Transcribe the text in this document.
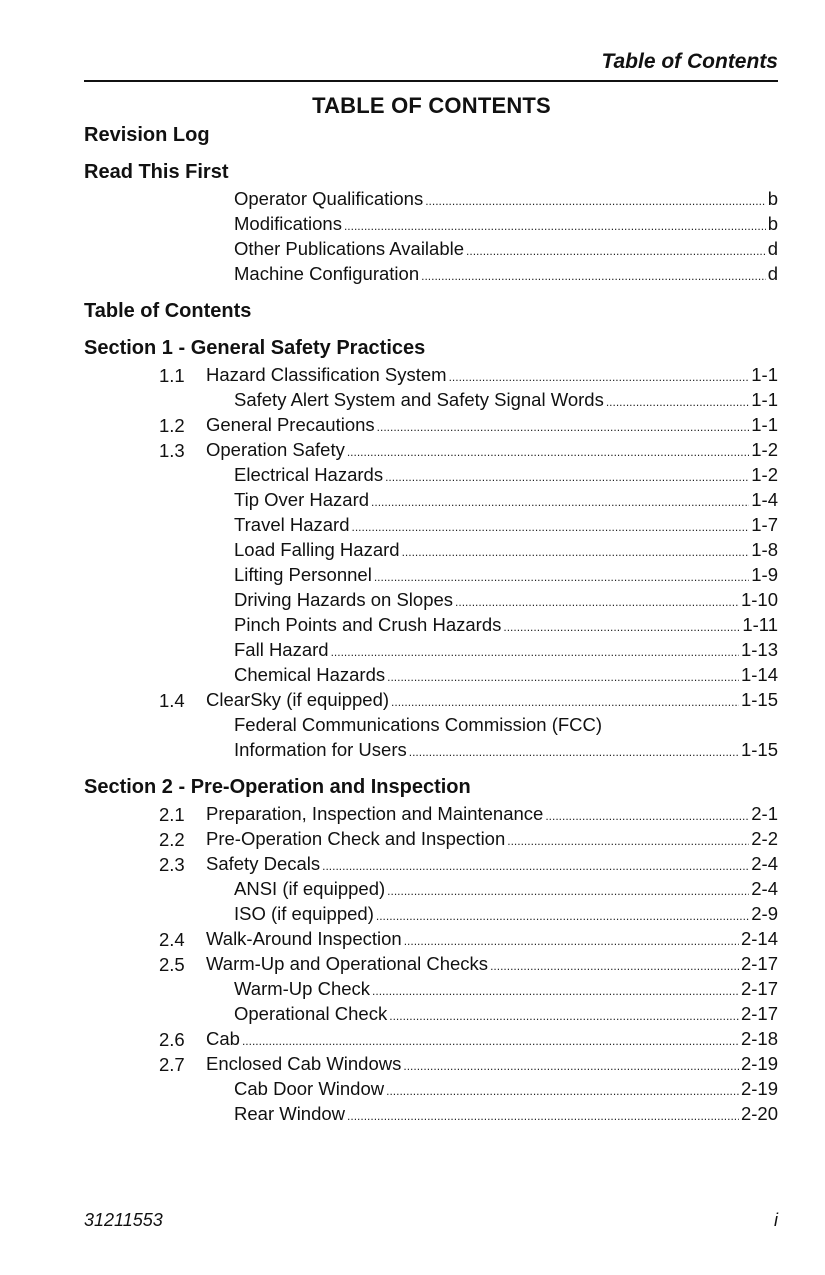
Table of Contents
TABLE OF CONTENTS
Revision Log
Read This First
Operator Qualifications .....	b
Modifications .....	b
Other Publications Available .....	d
Machine Configuration .....	d
Table of Contents
Section 1 - General Safety Practices
1.1 Hazard Classification System .....	1-1
Safety Alert System and Safety Signal Words .....	1-1
1.2 General Precautions .....	1-1
1.3 Operation Safety .....	1-2
Electrical Hazards .....	1-2
Tip Over Hazard .....	1-4
Travel Hazard .....	1-7
Load Falling Hazard .....	1-8
Lifting Personnel .....	1-9
Driving Hazards on Slopes .....	1-10
Pinch Points and Crush Hazards .....	1-11
Fall Hazard .....	1-13
Chemical Hazards .....	1-14
1.4 ClearSky (if equipped) .....	1-15
Federal Communications Commission (FCC)
Information for Users .....	1-15
Section 2 - Pre-Operation and Inspection
2.1 Preparation, Inspection and Maintenance .....	2-1
2.2 Pre-Operation Check and Inspection .....	2-2
2.3 Safety Decals .....	2-4
ANSI (if equipped) .....	2-4
ISO (if equipped) .....	2-9
2.4 Walk-Around Inspection .....	2-14
2.5 Warm-Up and Operational Checks .....	2-17
Warm-Up Check .....	2-17
Operational Check .....	2-17
2.6 Cab .....	2-18
2.7 Enclosed Cab Windows .....	2-19
Cab Door Window .....	2-19
Rear Window .....	2-20
31211553	i
